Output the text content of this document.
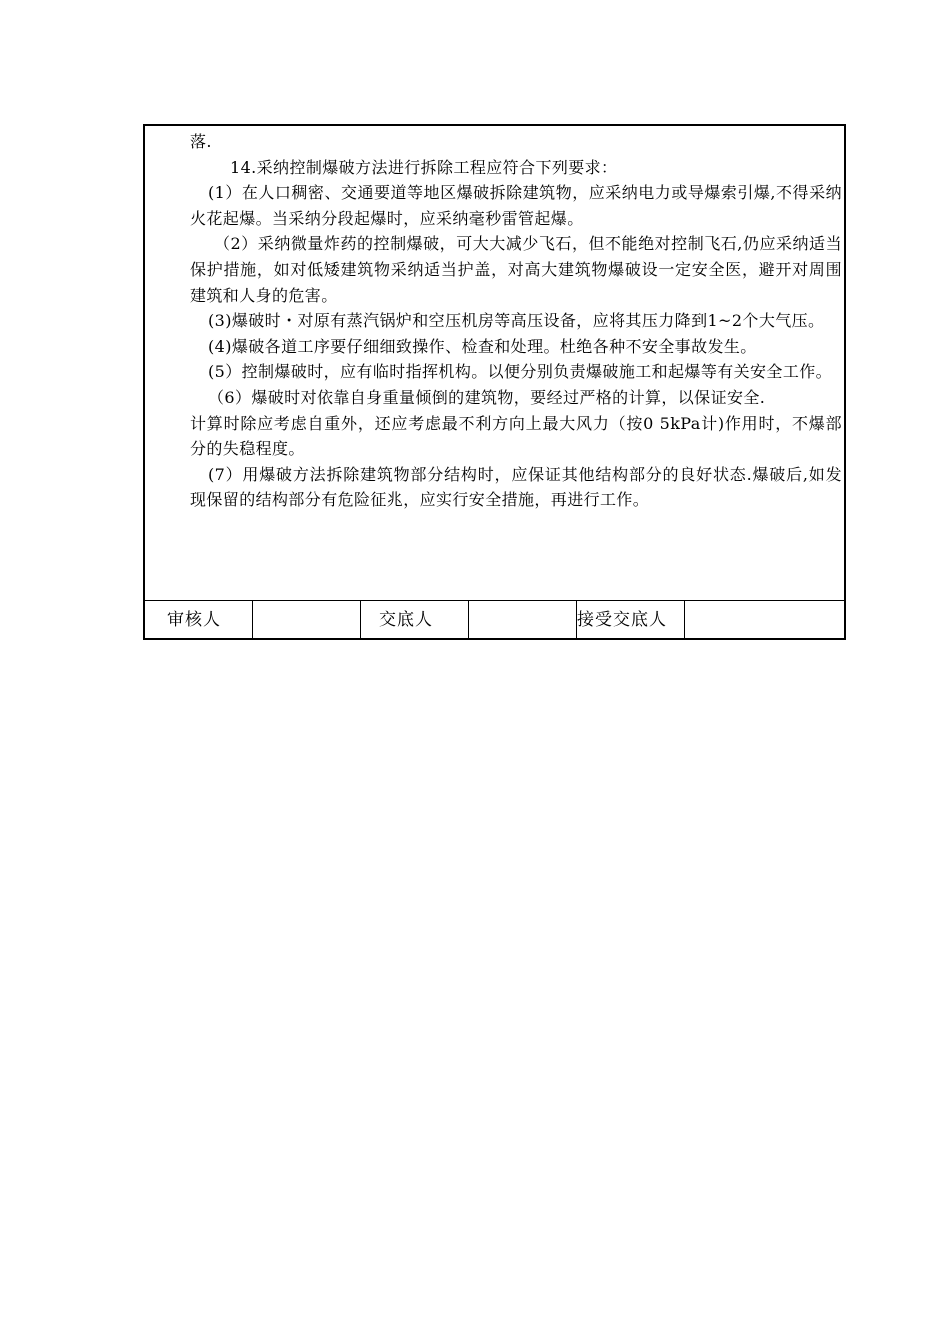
落.

14.采纳控制爆破方法进行拆除工程应符合下列要求：

(1）在人口稠密、交通要道等地区爆破拆除建筑物，应采纳电力或导爆索引爆,不得采纳火花起爆。当采纳分段起爆时，应采纳毫秒雷管起爆。

（2）采纳微量炸药的控制爆破，可大大减少飞石，但不能绝对控制飞石,仍应采纳适当保护措施，如对低矮建筑物采纳适当护盖，对高大建筑物爆破设一定安全医，避开对周围建筑和人身的危害。

(3)爆破时・对原有蒸汽锅炉和空压机房等高压设备，应将其压力降到1~2个大气压。

(4)爆破各道工序要仔细细致操作、检查和处理。杜绝各种不安全事故发生。

(5）控制爆破时，应有临时指挥机构。以便分别负责爆破施工和起爆等有关安全工作。

（6）爆破时对依靠自身重量倾倒的建筑物，要经过严格的计算，以保证安全.

计算时除应考虑自重外，还应考虑最不利方向上最大风力（按0 5kPa计)作用时，不爆部分的失稳程度。

(7）用爆破方法拆除建筑物部分结构时，应保证其他结构部分的良好状态.爆破后,如发现保留的结构部分有危险征兆，应实行安全措施，再进行工作。

审核人	交底人	接受交底人
